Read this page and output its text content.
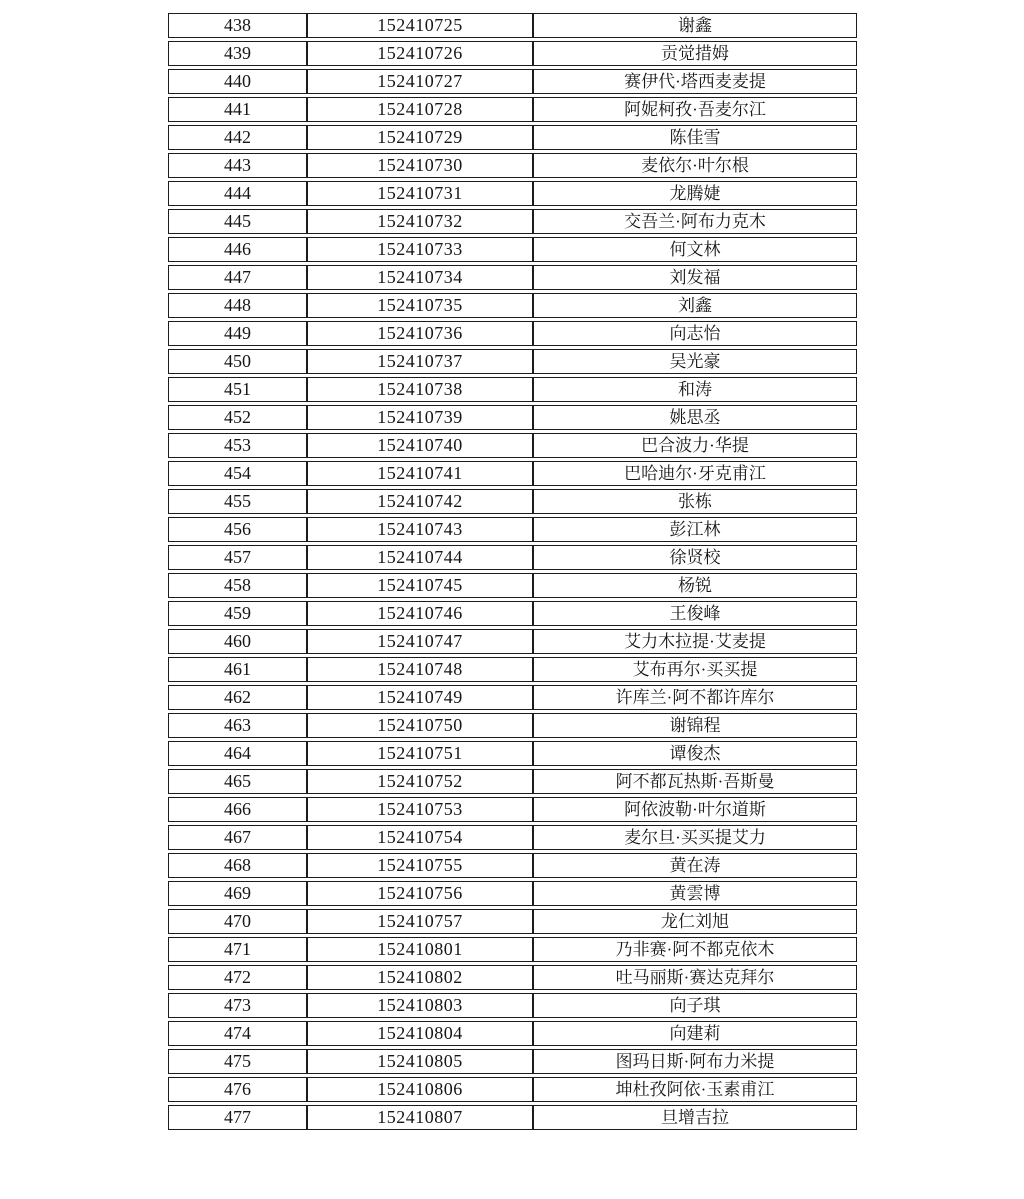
438	152410725	谢鑫
439	152410726	贡觉措姆
440	152410727	赛伊代·塔西麦麦提
441	152410728	阿妮柯孜·吾麦尔江
442	152410729	陈佳雪
443	152410730	麦依尔·叶尔根
444	152410731	龙腾婕
445	152410732	交吾兰·阿布力克木
446	152410733	何文林
447	152410734	刘发福
448	152410735	刘鑫
449	152410736	向志怡
450	152410737	吴光豪
451	152410738	和涛
452	152410739	姚思丞
453	152410740	巴合波力·华提
454	152410741	巴哈迪尔·牙克甫江
455	152410742	张栋
456	152410743	彭江林
457	152410744	徐贤校
458	152410745	杨锐
459	152410746	王俊峰
460	152410747	艾力木拉提·艾麦提
461	152410748	艾布再尔·买买提
462	152410749	许库兰·阿不都许库尔
463	152410750	谢锦程
464	152410751	谭俊杰
465	152410752	阿不都瓦热斯·吾斯曼
466	152410753	阿依波勒·叶尔道斯
467	152410754	麦尔旦·买买提艾力
468	152410755	黄在涛
469	152410756	黄雲博
470	152410757	龙仁刘旭
471	152410801	乃非赛·阿不都克依木
472	152410802	吐马丽斯·赛达克拜尔
473	152410803	向子琪
474	152410804	向建莉
475	152410805	图玛日斯·阿布力米提
476	152410806	坤杜孜阿依·玉素甫江
477	152410807	旦增吉拉
